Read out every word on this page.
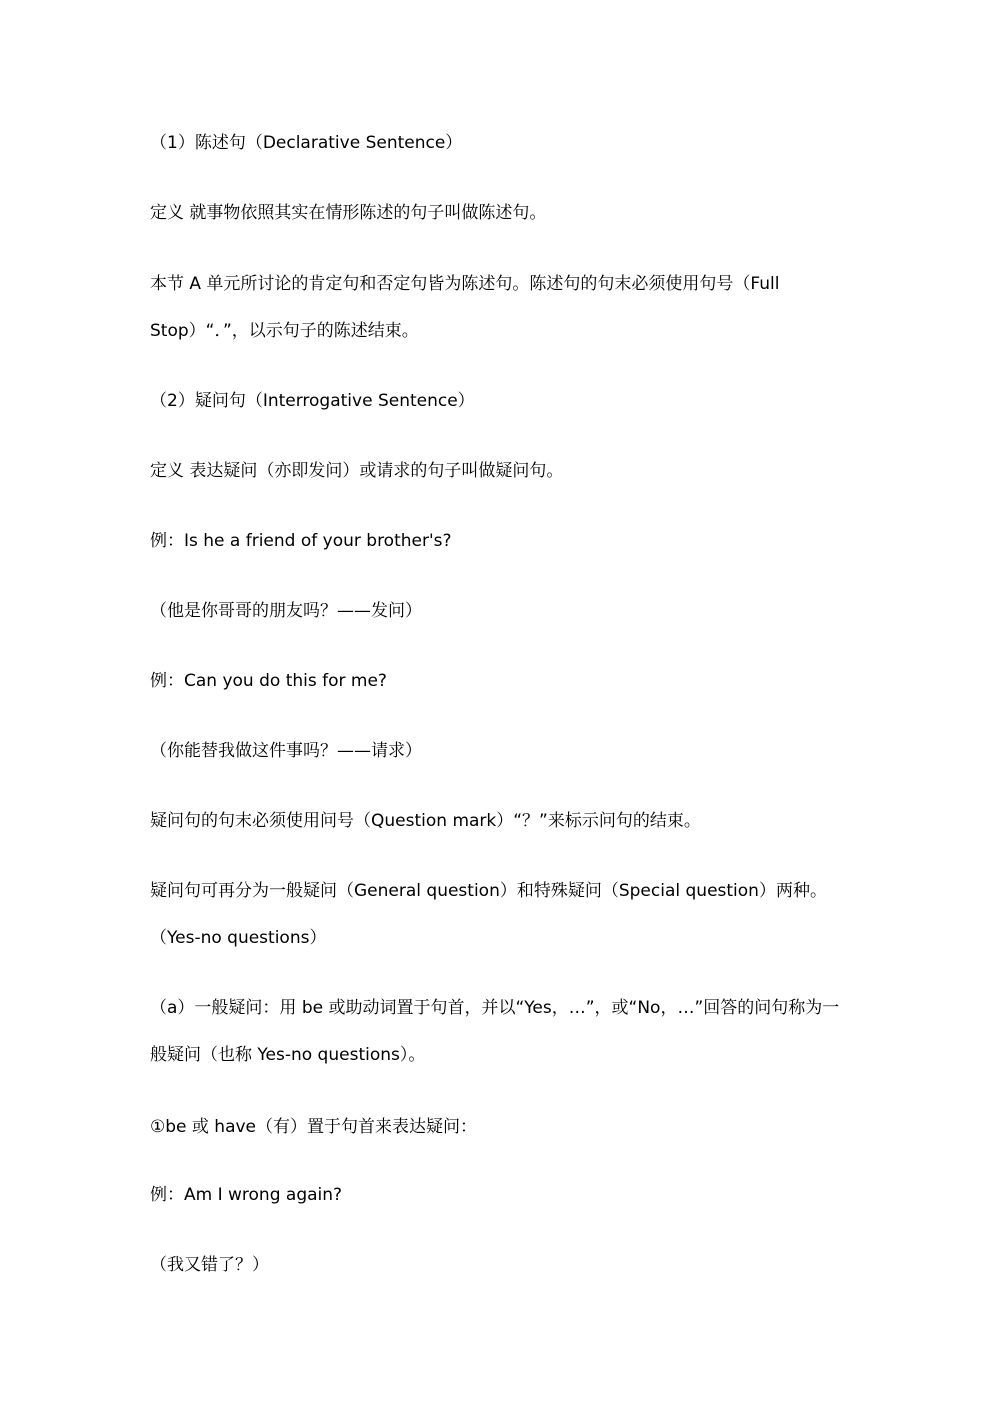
（1）陈述句（Declarative Sentence）
定义 就事物依照其实在情形陈述的句子叫做陈述句。
本节 A 单元所讨论的肯定句和否定句皆为陈述句。陈述句的句末必须使用句号（Full
Stop）“．”，以示句子的陈述结束。
（2）疑问句（Interrogative Sentence）
定义 表达疑问（亦即发问）或请求的句子叫做疑问句。
例：Is he a friend of your brother's?
（他是你哥哥的朋友吗？——发问）
例：Can you do this for me?
（你能替我做这件事吗？——请求）
疑问句的句末必须使用问号（Question mark）“？”来标示问句的结束。
疑问句可再分为一般疑问（General question）和特殊疑问（Special question）两种。
（Yes-no questions）
（a）一般疑问：用 be 或助动词置于句首，并以“Yes，…”，或“No，…”回答的问句称为一
般疑问（也称 Yes-no questions）。
①be 或 have（有）置于句首来表达疑问：
例：Am I wrong again?
（我又错了？）
